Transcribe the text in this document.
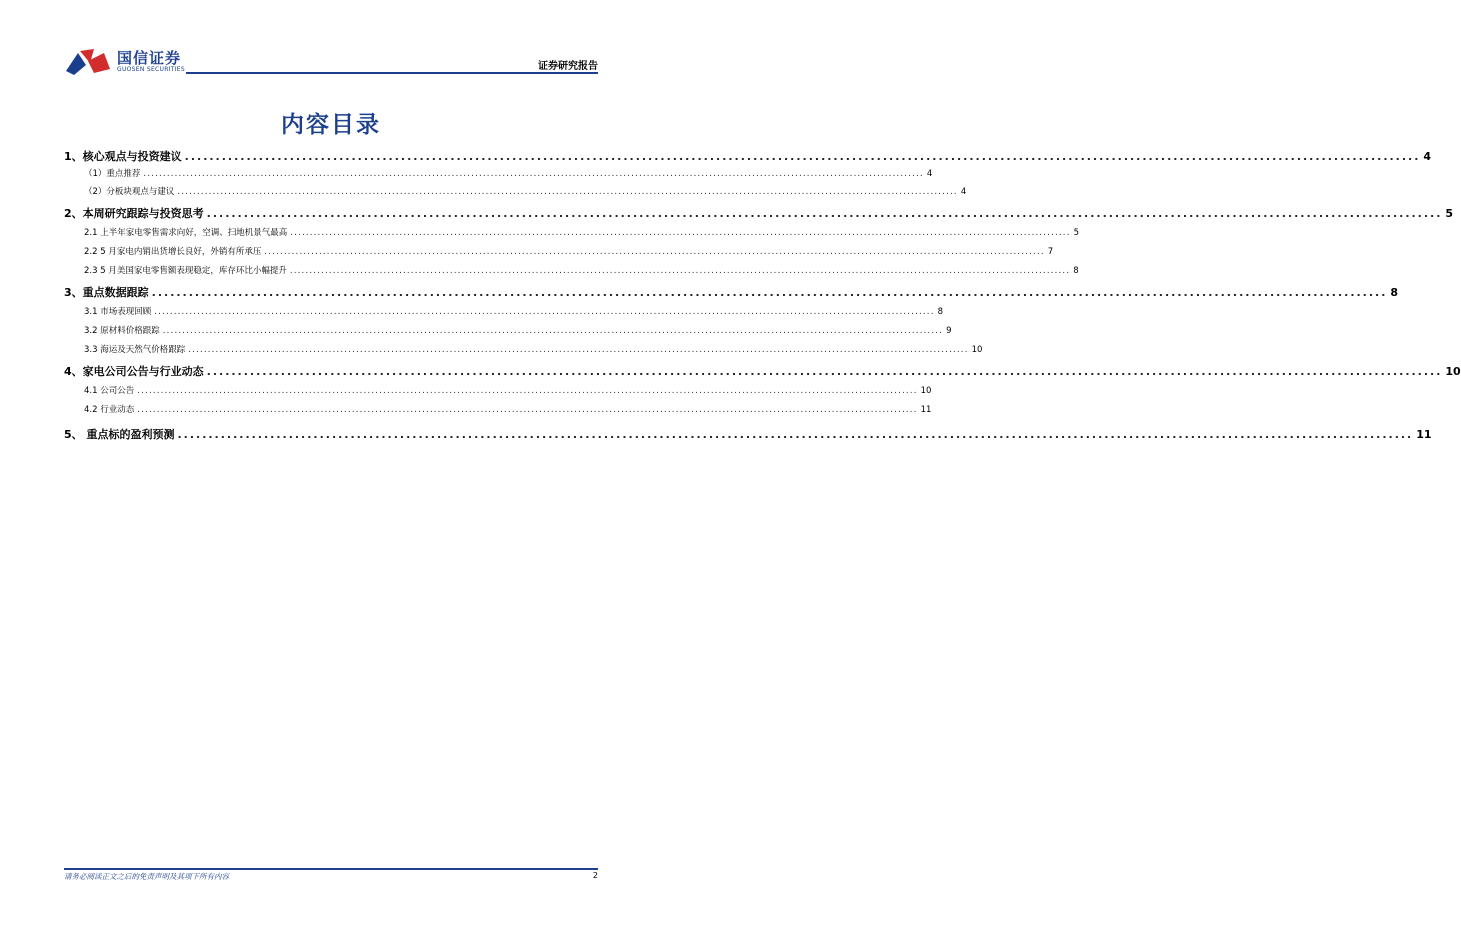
国信证券
GUOSEN SECURITIES	证券研究报告
内容目录
1、核心观点与投资建议 ........................................................................................................................................................................................................ 4
（1）重点推荐 ........................................................................................................................................................................................................ 4
（2）分板块观点与建议 ........................................................................................................................................................................................................ 4
2、本周研究跟踪与投资思考 ........................................................................................................................................................................................................ 5
2.1 上半年家电零售需求向好，空调、扫地机景气最高 ........................................................................................................................................................................................................ 5
2.2 5 月家电内销出货增长良好，外销有所承压 ........................................................................................................................................................................................................ 7
2.3 5 月美国家电零售额表现稳定，库存环比小幅提升 ........................................................................................................................................................................................................ 8
3、重点数据跟踪 ........................................................................................................................................................................................................ 8
3.1 市场表现回顾 ........................................................................................................................................................................................................ 8
3.2 原材料价格跟踪 ........................................................................................................................................................................................................ 9
3.3 海运及天然气价格跟踪 ........................................................................................................................................................................................................ 10
4、家电公司公告与行业动态 ........................................................................................................................................................................................................ 10
4.1 公司公告 ........................................................................................................................................................................................................ 10
4.2 行业动态 ........................................................................................................................................................................................................ 11
5、 重点标的盈利预测 ........................................................................................................................................................................................................ 11
请务必阅读正文之后的免责声明及其项下所有内容	2
